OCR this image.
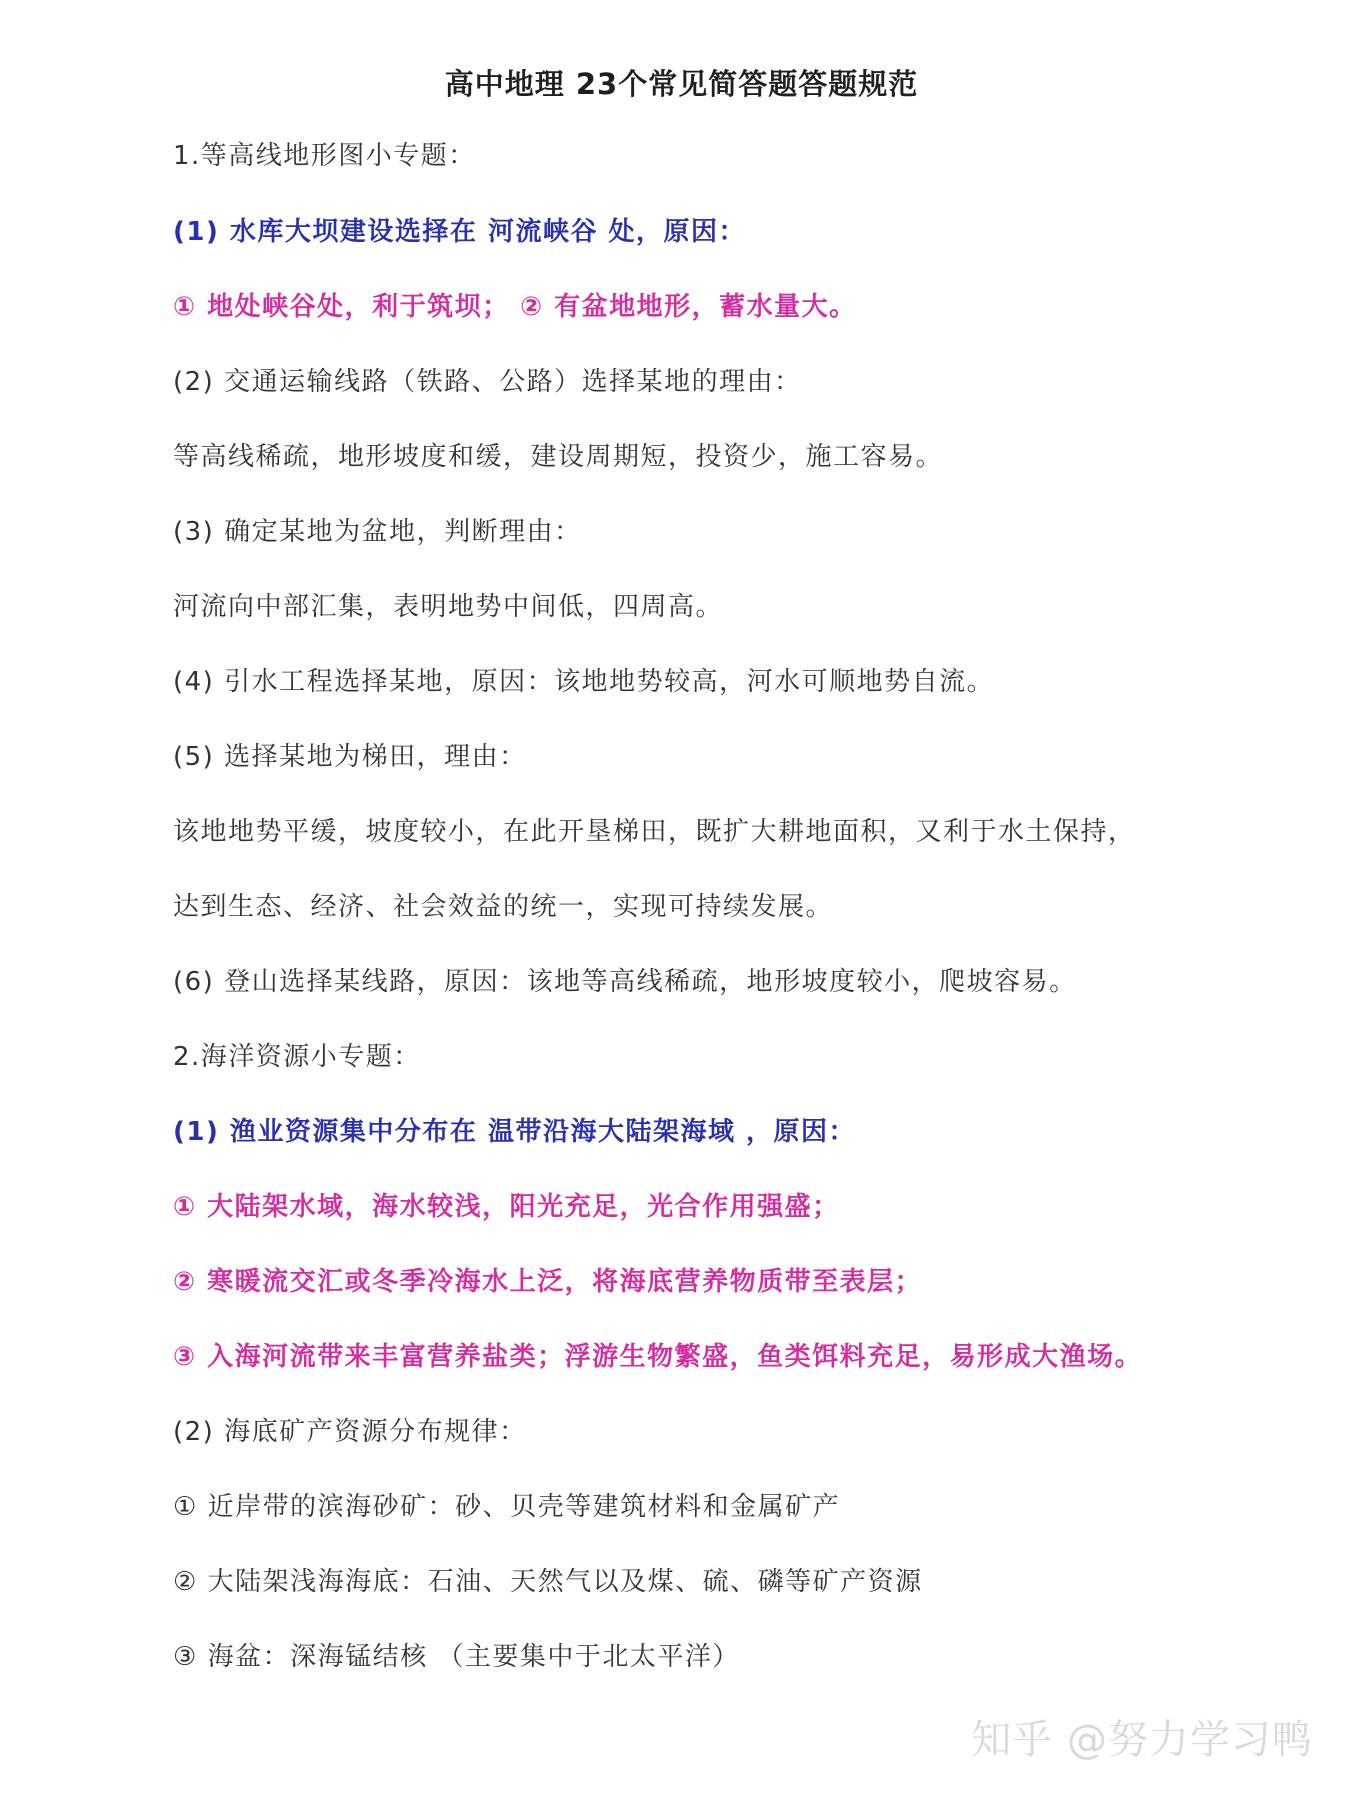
高中地理 23个常见简答题答题规范
1.等高线地形图小专题：
(1) 水库大坝建设选择在 河流峡谷 处，原因：
① 地处峡谷处，利于筑坝； ② 有盆地地形，蓄水量大。
(2) 交通运输线路（铁路、公路）选择某地的理由：
等高线稀疏，地形坡度和缓，建设周期短，投资少，施工容易。
(3) 确定某地为盆地，判断理由：
河流向中部汇集，表明地势中间低，四周高。
(4) 引水工程选择某地，原因：该地地势较高，河水可顺地势自流。
(5) 选择某地为梯田，理由：
该地地势平缓，坡度较小，在此开垦梯田，既扩大耕地面积，又利于水土保持，
达到生态、经济、社会效益的统一，实现可持续发展。
(6) 登山选择某线路，原因：该地等高线稀疏，地形坡度较小，爬坡容易。
2.海洋资源小专题：
(1) 渔业资源集中分布在 温带沿海大陆架海域 ，原因：
① 大陆架水域，海水较浅，阳光充足，光合作用强盛；
② 寒暖流交汇或冬季冷海水上泛，将海底营养物质带至表层；
③ 入海河流带来丰富营养盐类；浮游生物繁盛，鱼类饵料充足，易形成大渔场。
(2) 海底矿产资源分布规律：
① 近岸带的滨海砂矿：砂、贝壳等建筑材料和金属矿产
② 大陆架浅海海底：石油、天然气以及煤、硫、磷等矿产资源
③ 海盆：深海锰结核 （主要集中于北太平洋）
知乎 @努力学习鸭
